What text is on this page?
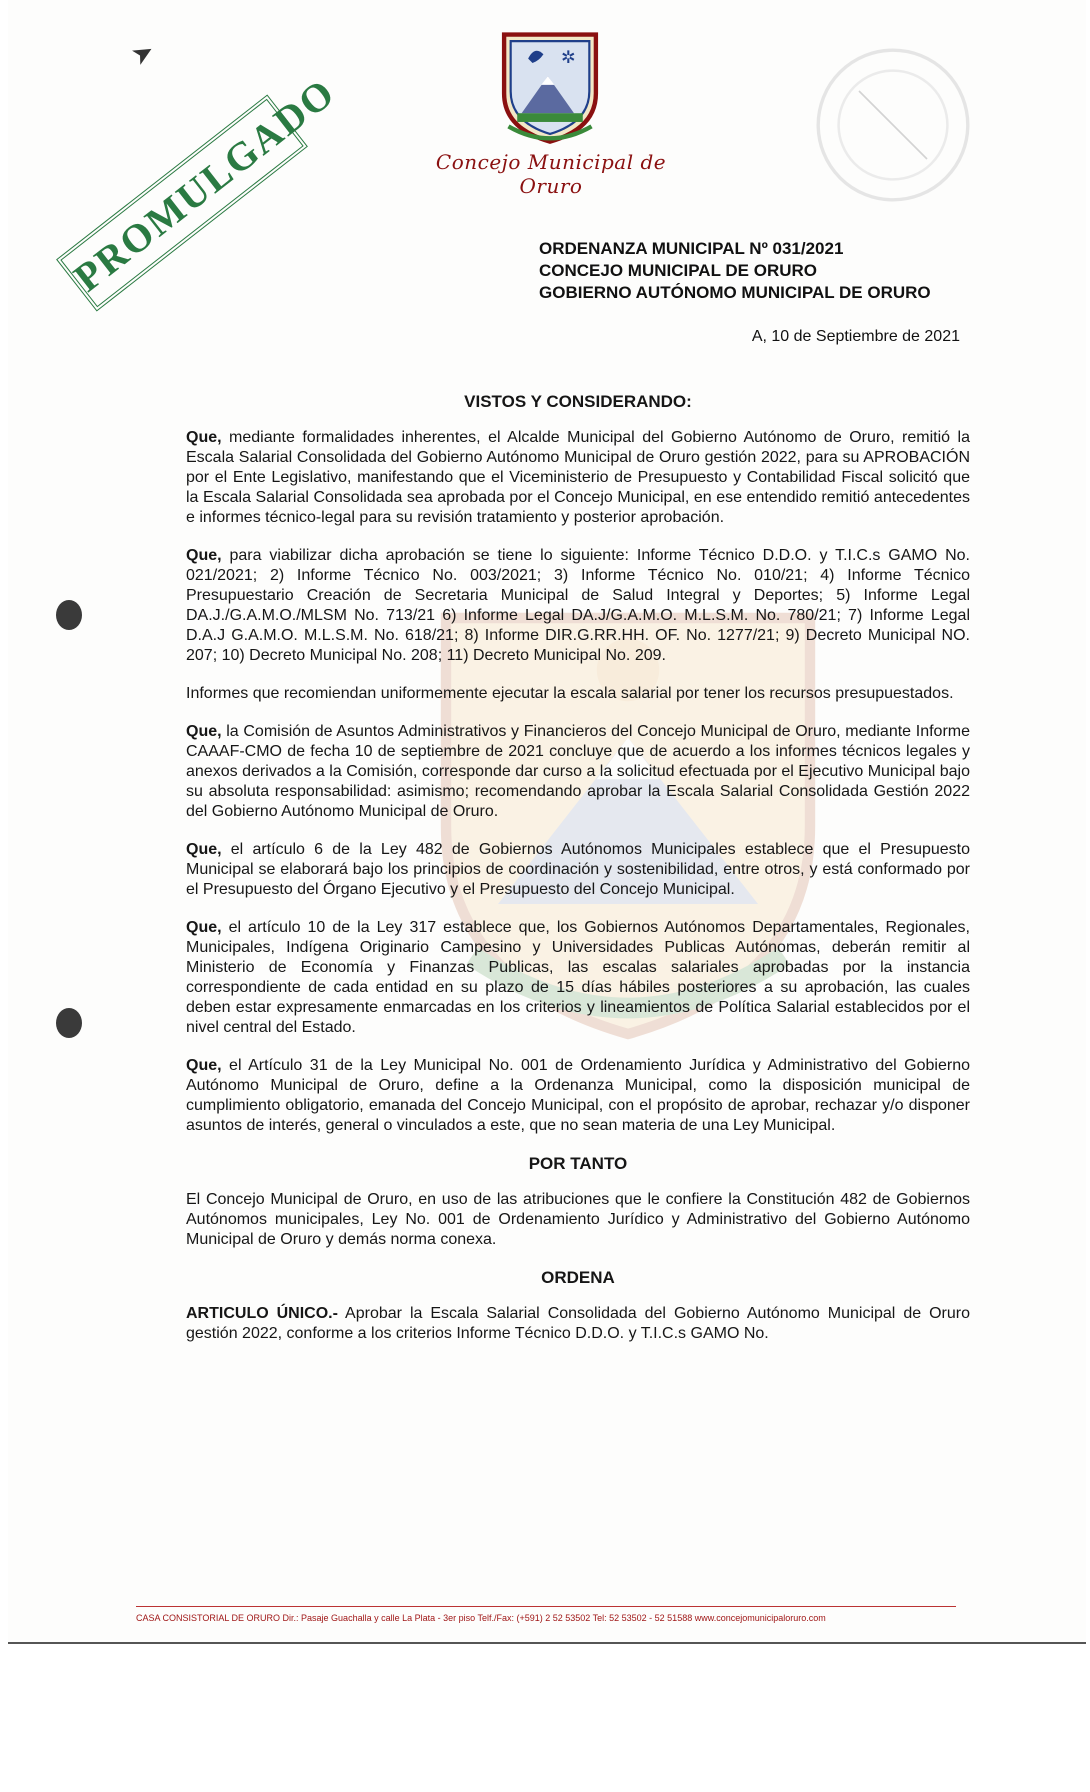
➤	✲
Concejo Municipal de Oruro
PROMULGADO	ORDENANZA MUNICIPAL Nº 031/2021
CONCEJO MUNICIPAL DE ORURO
GOBIERNO AUTÓNOMO MUNICIPAL DE ORURO
A, 10 de Septiembre de 2021
VISTOS Y CONSIDERANDO:

Que, mediante formalidades inherentes, el Alcalde Municipal del Gobierno Autónomo de Oruro, remitió la Escala Salarial Consolidada del Gobierno Autónomo Municipal de Oruro gestión 2022, para su APROBACIÓN por el Ente Legislativo, manifestando que el Viceministerio de Presupuesto y Contabilidad Fiscal solicitó que la Escala Salarial Consolidada sea aprobada por el Concejo Municipal, en ese entendido remitió antecedentes e informes técnico-legal para su revisión tratamiento y posterior aprobación.

Que, para viabilizar dicha aprobación se tiene lo siguiente: Informe Técnico D.D.O. y T.I.C.s GAMO No. 021/2021; 2) Informe Técnico No. 003/2021; 3) Informe Técnico No. 010/21; 4) Informe Técnico Presupuestario Creación de Secretaria Municipal de Salud Integral y Deportes; 5) Informe Legal DA.J./G.A.M.O./MLSM No. 713/21 6) Informe Legal DA.J/G.A.M.O. M.L.S.M. No. 780/21; 7) Informe Legal D.A.J G.A.M.O. M.L.S.M. No. 618/21; 8) Informe DIR.G.RR.HH. OF. No. 1277/21; 9) Decreto Municipal NO. 207; 10) Decreto Municipal No. 208; 11) Decreto Municipal No. 209.

Informes que recomiendan uniformemente ejecutar la escala salarial por tener los recursos presupuestados.

Que, la Comisión de Asuntos Administrativos y Financieros del Concejo Municipal de Oruro, mediante Informe CAAAF-CMO de fecha 10 de septiembre de 2021 concluye que de acuerdo a los informes técnicos legales y anexos derivados a la Comisión, corresponde dar curso a la solicitud efectuada por el Ejecutivo Municipal bajo su absoluta responsabilidad: asimismo; recomendando aprobar la Escala Salarial Consolidada Gestión 2022 del Gobierno Autónomo Municipal de Oruro.

Que, el artículo 6 de la Ley 482 de Gobiernos Autónomos Municipales establece que el Presupuesto Municipal se elaborará bajo los principios de coordinación y sostenibilidad, entre otros, y está conformado por el Presupuesto del Órgano Ejecutivo y el Presupuesto del Concejo Municipal.

Que, el artículo 10 de la Ley 317 establece que, los Gobiernos Autónomos Departamentales, Regionales, Municipales, Indígena Originario Campesino y Universidades Publicas Autónomas, deberán remitir al Ministerio de Economía y Finanzas Publicas, las escalas salariales aprobadas por la instancia correspondiente de cada entidad en su plazo de 15 días hábiles posteriores a su aprobación, las cuales deben estar expresamente enmarcadas en los criterios y lineamientos de Política Salarial establecidos por el nivel central del Estado.

Que, el Artículo 31 de la Ley Municipal No. 001 de Ordenamiento Jurídica y Administrativo del Gobierno Autónomo Municipal de Oruro, define a la Ordenanza Municipal, como la disposición municipal de cumplimiento obligatorio, emanada del Concejo Municipal, con el propósito de aprobar, rechazar y/o disponer asuntos de interés, general o vinculados a este, que no sean materia de una Ley Municipal.

POR TANTO

El Concejo Municipal de Oruro, en uso de las atribuciones que le confiere la Constitución 482 de Gobiernos Autónomos municipales, Ley No. 001 de Ordenamiento Jurídico y Administrativo del Gobierno Autónomo Municipal de Oruro y demás norma conexa.

ORDENA

ARTICULO ÚNICO.- Aprobar la Escala Salarial Consolidada del Gobierno Autónomo Municipal de Oruro gestión 2022, conforme a los criterios Informe Técnico D.D.O. y T.I.C.s GAMO No.

CASA CONSISTORIAL DE ORURO Dir.: Pasaje Guachalla y calle La Plata - 3er piso Telf./Fax: (+591) 2 52 53502 Tel: 52 53502 - 52 51588 www.concejomunicipaloruro.com
